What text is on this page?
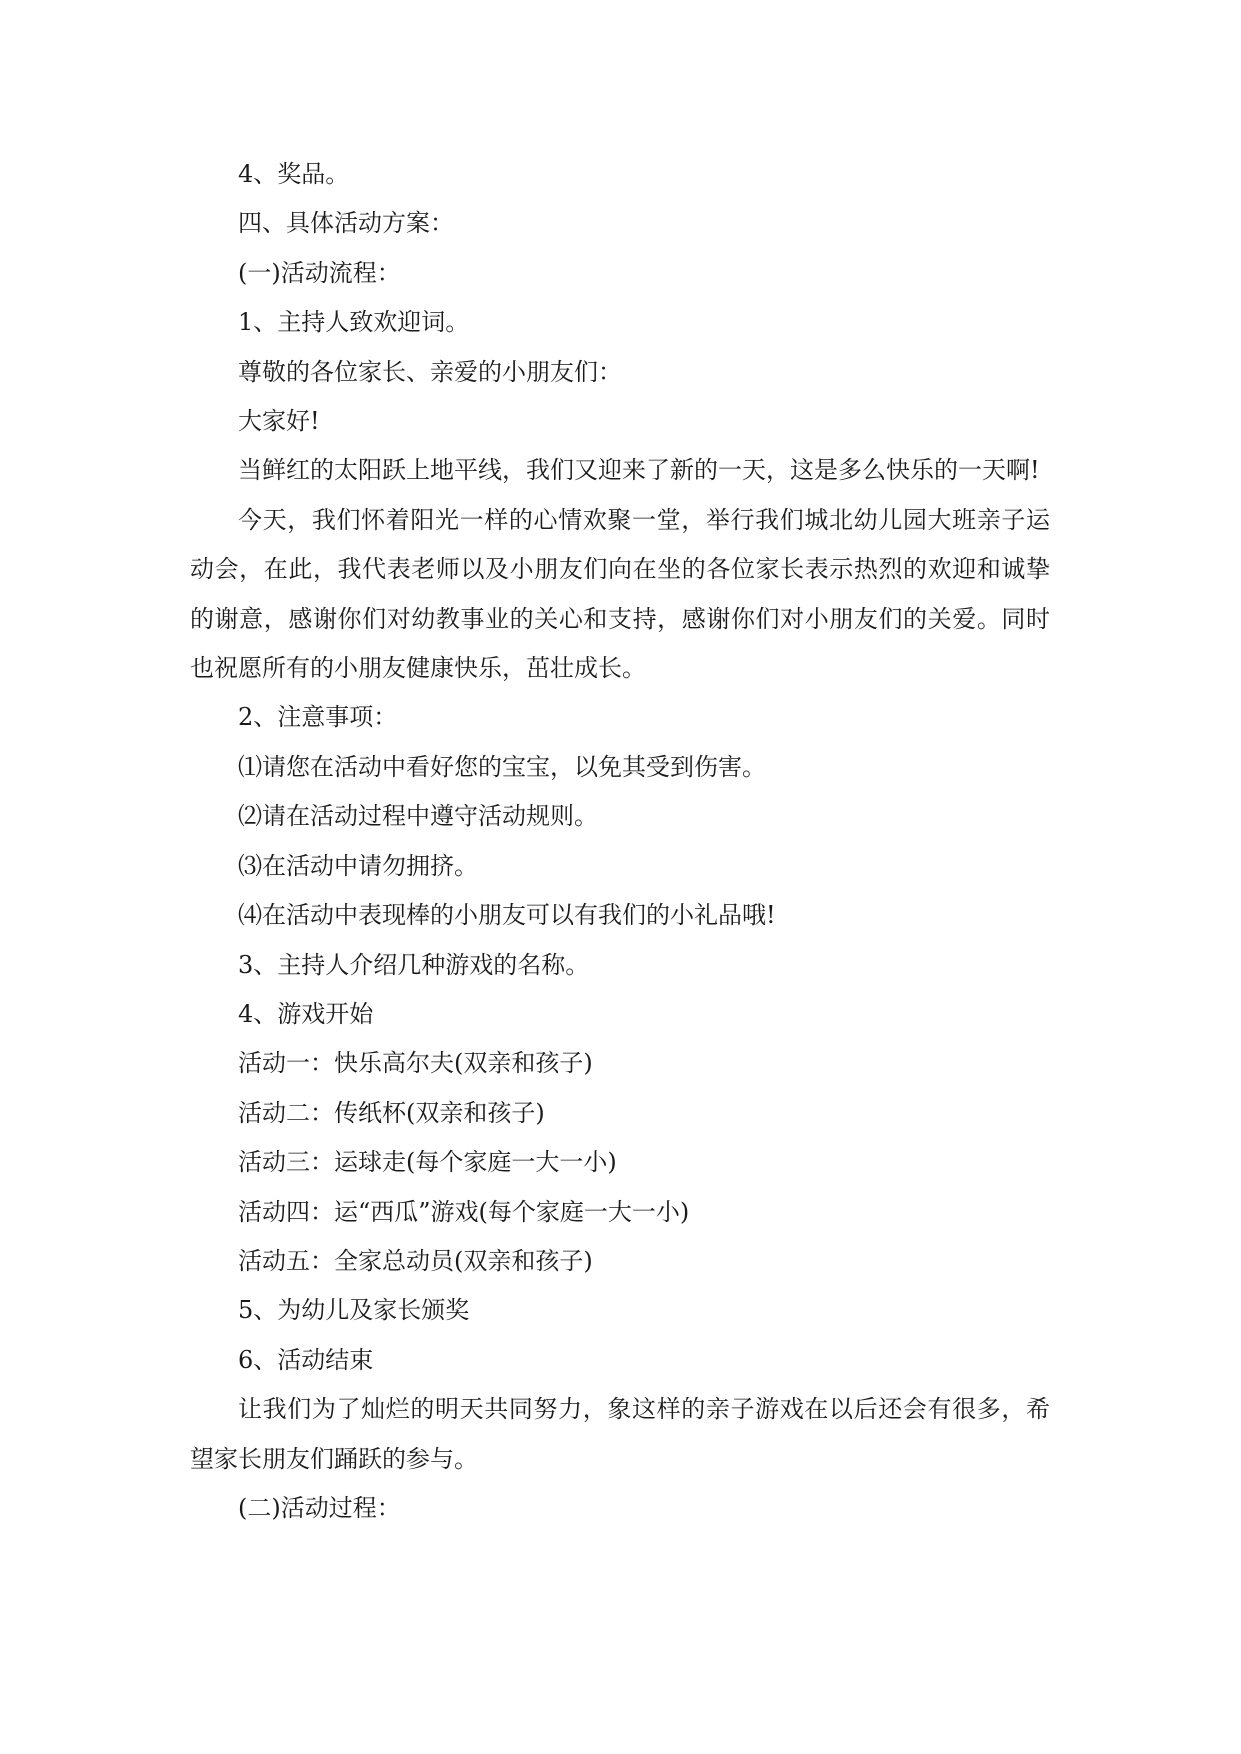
4、奖品。

四、具体活动方案：

(一)活动流程：

1、主持人致欢迎词。

尊敬的各位家长、亲爱的小朋友们：

大家好!

当鲜红的太阳跃上地平线，我们又迎来了新的一天，这是多么快乐的一天啊!

今天，我们怀着阳光一样的心情欢聚一堂，举行我们城北幼儿园大班亲子运动会，在此，我代表老师以及小朋友们向在坐的各位家长表示热烈的欢迎和诚挚的谢意，感谢你们对幼教事业的关心和支持，感谢你们对小朋友们的关爱。同时也祝愿所有的小朋友健康快乐，茁壮成长。

2、注意事项：

⑴请您在活动中看好您的宝宝，以免其受到伤害。

⑵请在活动过程中遵守活动规则。

⑶在活动中请勿拥挤。

⑷在活动中表现棒的小朋友可以有我们的小礼品哦!

3、主持人介绍几种游戏的名称。

4、游戏开始

活动一：快乐高尔夫(双亲和孩子)

活动二：传纸杯(双亲和孩子)

活动三：运球走(每个家庭一大一小)

活动四：运“西瓜”游戏(每个家庭一大一小)

活动五：全家总动员(双亲和孩子)

5、为幼儿及家长颁奖

6、活动结束

让我们为了灿烂的明天共同努力，象这样的亲子游戏在以后还会有很多，希望家长朋友们踊跃的参与。

(二)活动过程：
